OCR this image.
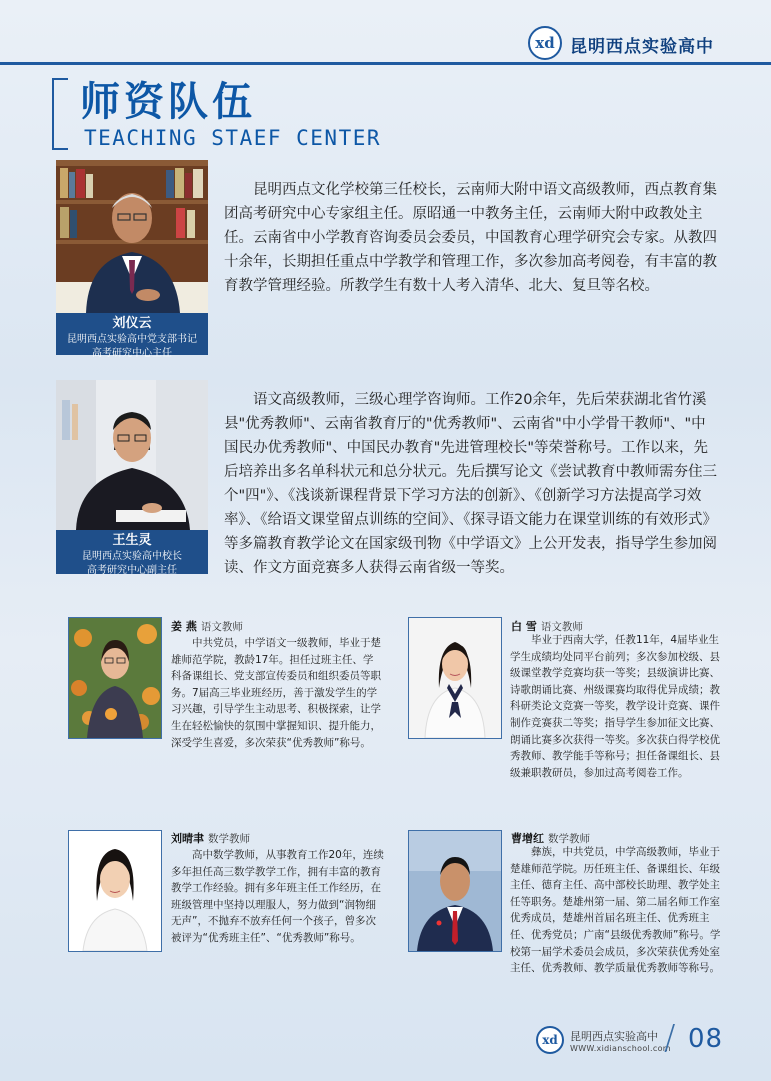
xd 昆明西点实验高中
师资队伍
TEACHING STAEF CENTER
刘仪云
昆明西点实验高中党支部书记
高考研究中心主任
昆明西点文化学校第三任校长，云南师大附中语文高级教师，西点教育集团高考研究中心专家组主任。原昭通一中教务主任，云南师大附中政教处主任。云南省中小学教育咨询委员会委员，中国教育心理学研究会专家。从教四十余年，长期担任重点中学教学和管理工作，多次参加高考阅卷，有丰富的教育教学管理经验。所教学生有数十人考入清华、北大、复旦等名校。
王生灵
昆明西点实验高中校长
高考研究中心副主任
语文高级教师，三级心理学咨询师。工作20余年，先后荣获湖北省竹溪县"优秀教师"、云南省教育厅的"优秀教师"、云南省"中小学骨干教师"、"中国民办优秀教师"、中国民办教育"先进管理校长"等荣誉称号。工作以来，先后培养出多名单科状元和总分状元。先后撰写论文《尝试教育中教师需夯住三个"四"》、《浅谈新课程背景下学习方法的创新》、《创新学习方法提高学习效率》、《给语文课堂留点训练的空间》、《探寻语文能力在课堂训练的有效形式》等多篇教育教学论文在国家级刊物《中学语文》上公开发表，指导学生参加阅读、作文方面竞赛多人获得云南省级一等奖。
姜 燕 语文教师
中共党员，中学语文一级教师，毕业于楚雄师范学院，教龄17年。担任过班主任、学科备课组长、党支部宣传委员和组织委员等职务。7届高三毕业班经历，善于激发学生的学习兴趣，引导学生主动思考、积极探索，让学生在轻松愉快的氛围中掌握知识、提升能力，深受学生喜爱，多次荣获“优秀教师”称号。
白 雪 语文教师
毕业于西南大学，任教11年，4届毕业生学生成绩均处同平台前列；多次参加校级、县级课堂教学竞赛均获一等奖；县级演讲比赛、诗歌朗诵比赛、州级课赛均取得优异成绩；教科研类论文竞赛一等奖，教学设计竞赛、课件制作竞赛获二等奖；指导学生参加征文比赛、朗诵比赛多次获得一等奖。多次获白得学校优秀教师、教学能手等称号；担任备课组长、县级兼职教研员，参加过高考阅卷工作。
刘晴聿 数学教师
高中数学教师，从事教育工作20年，连续多年担任高三数学教学工作，拥有丰富的教育教学工作经验。拥有多年班主任工作经历，在班级管理中坚持以理服人，努力做到“润物细无声”，不抛弃不放弃任何一个孩子，曾多次被评为“优秀班主任”、“优秀教师”称号。
曹增红 数学教师
彝族，中共党员，中学高级教师，毕业于楚雄师范学院。历任班主任、备课组长、年级主任、德育主任、高中部校长助理、教学处主任等职务。楚雄州第一届、第二届名师工作室优秀成员，楚雄州首届名班主任、优秀班主任、优秀党员；广南“县级优秀教师”称号。学校第一届学术委员会成员，多次荣获优秀处室主任、优秀教师、教学质量优秀教师等称号。
xd	昆明西点实验高中
WWW.xidianschool.com
/ 08
